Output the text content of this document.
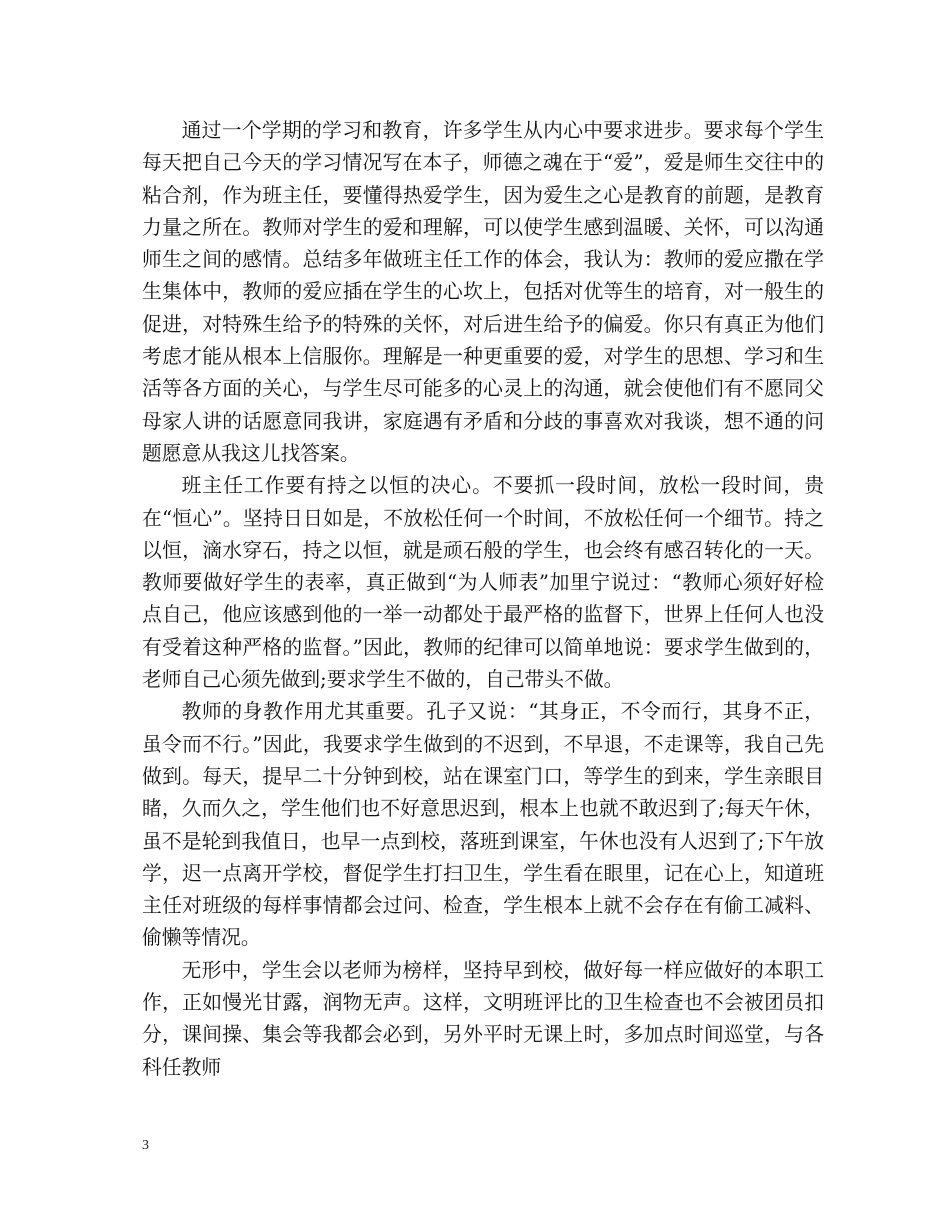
通过一个学期的学习和教育，许多学生从内心中要求进步。要求每个学生每天把自己今天的学习情况写在本子，师德之魂在于“爱”，爱是师生交往中的粘合剂，作为班主任，要懂得热爱学生，因为爱生之心是教育的前题，是教育力量之所在。教师对学生的爱和理解，可以使学生感到温暖、关怀，可以沟通师生之间的感情。总结多年做班主任工作的体会，我认为：教师的爱应撒在学生集体中，教师的爱应插在学生的心坎上，包括对优等生的培育，对一般生的促进，对特殊生给予的特殊的关怀，对后进生给予的偏爱。你只有真正为他们考虑才能从根本上信服你。理解是一种更重要的爱，对学生的思想、学习和生活等各方面的关心，与学生尽可能多的心灵上的沟通，就会使他们有不愿同父母家人讲的话愿意同我讲，家庭遇有矛盾和分歧的事喜欢对我谈，想不通的问题愿意从我这儿找答案。

班主任工作要有持之以恒的决心。不要抓一段时间，放松一段时间，贵在“恒心”。坚持日日如是，不放松任何一个时间，不放松任何一个细节。持之以恒，滴水穿石，持之以恒，就是顽石般的学生，也会终有感召转化的一天。教师要做好学生的表率，真正做到“为人师表”加里宁说过：“教师心须好好检点自己，他应该感到他的一举一动都处于最严格的监督下，世界上任何人也没有受着这种严格的监督。”因此，教师的纪律可以简单地说：要求学生做到的，老师自己心须先做到;要求学生不做的，自己带头不做。

教师的身教作用尤其重要。孔子又说：“其身正，不令而行，其身不正，虽令而不行。”因此，我要求学生做到的不迟到，不早退，不走课等，我自己先做到。每天，提早二十分钟到校，站在课室门口，等学生的到来，学生亲眼目睹，久而久之，学生他们也不好意思迟到，根本上也就不敢迟到了;每天午休，虽不是轮到我值日，也早一点到校，落班到课室，午休也没有人迟到了;下午放学，迟一点离开学校，督促学生打扫卫生，学生看在眼里，记在心上，知道班主任对班级的每样事情都会过问、检查，学生根本上就不会存在有偷工减料、偷懒等情况。

无形中，学生会以老师为榜样，坚持早到校，做好每一样应做好的本职工作，正如慢光甘露，润物无声。这样，文明班评比的卫生检查也不会被团员扣分，课间操、集会等我都会必到，另外平时无课上时，多加点时间巡堂，与各科任教师

3
